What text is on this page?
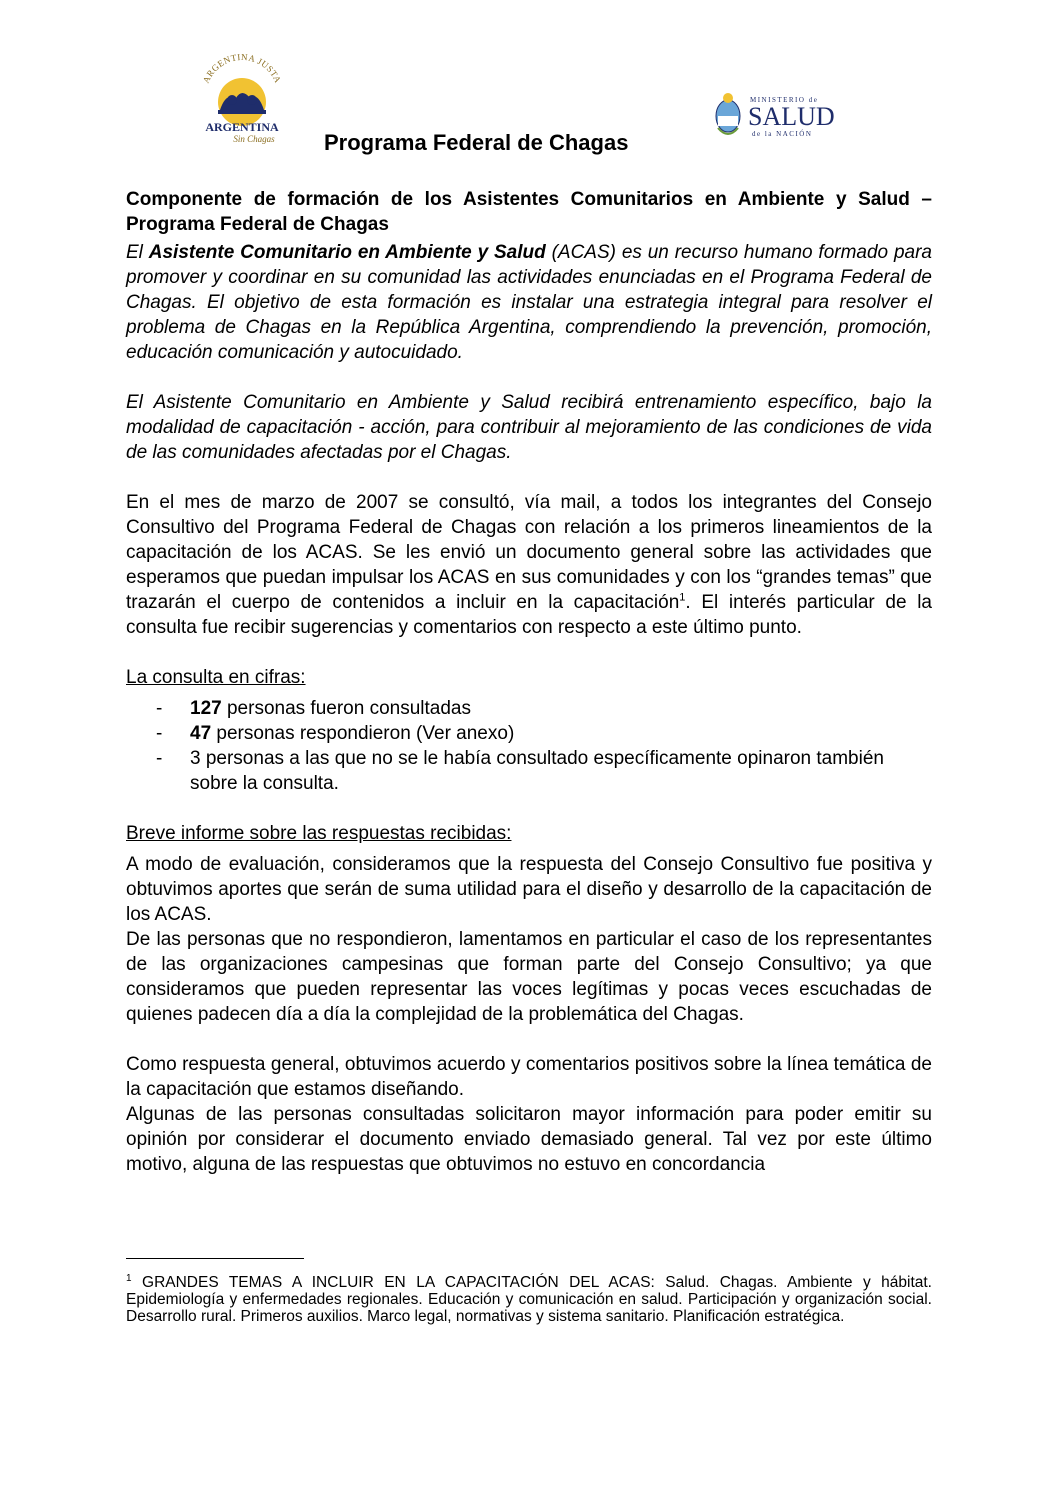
ARGENTINA JUSTA
ARGENTINA
Sin Chagas
MINISTERIO de
SALUD
de la NACIÓN
Programa Federal de Chagas

Componente de formación de los Asistentes Comunitarios en Ambiente y Salud – Programa Federal de Chagas

El Asistente Comunitario en Ambiente y Salud (ACAS) es un recurso humano formado para promover y coordinar en su comunidad las actividades enunciadas en el Programa Federal de Chagas. El objetivo de esta formación es instalar una estrategia integral para resolver el problema de Chagas en la República Argentina, comprendiendo la prevención, promoción, educación comunicación y autocuidado.

El Asistente Comunitario en Ambiente y Salud recibirá entrenamiento específico, bajo la modalidad de capacitación - acción, para contribuir al mejoramiento de las condiciones de vida de las comunidades afectadas por el Chagas.

En el mes de marzo de 2007 se consultó, vía mail, a todos los integrantes del Consejo Consultivo del Programa Federal de Chagas con relación a los primeros lineamientos de la capacitación de los ACAS. Se les envió un documento general sobre las actividades que esperamos que puedan impulsar los ACAS en sus comunidades y con los “grandes temas” que trazarán el cuerpo de contenidos a incluir en la capacitación$^1$. El interés particular de la consulta fue recibir sugerencias y comentarios con respecto a este último punto.

La consulta en cifras:

- 127 personas fueron consultadas
- 47 personas respondieron (Ver anexo)
- 3 personas a las que no se le había consultado específicamente opinaron también sobre la consulta.

Breve informe sobre las respuestas recibidas:

A modo de evaluación, consideramos que la respuesta del Consejo Consultivo fue positiva y obtuvimos aportes que serán de suma utilidad para el diseño y desarrollo de la capacitación de los ACAS.

De las personas que no respondieron, lamentamos en particular el caso de los representantes de las organizaciones campesinas que forman parte del Consejo Consultivo; ya que consideramos que pueden representar las voces legítimas y pocas veces escuchadas de quienes padecen día a día la complejidad de la problemática del Chagas.

Como respuesta general, obtuvimos acuerdo y comentarios positivos sobre la línea temática de la capacitación que estamos diseñando.

Algunas de las personas consultadas solicitaron mayor información para poder emitir su opinión por considerar el documento enviado demasiado general. Tal vez por este último motivo, alguna de las respuestas que obtuvimos no estuvo en concordancia

$^1$ GRANDES TEMAS A INCLUIR EN LA CAPACITACIÓN DEL ACAS: Salud. Chagas. Ambiente y hábitat. Epidemiología y enfermedades regionales. Educación y comunicación en salud. Participación y organización social. Desarrollo rural. Primeros auxilios. Marco legal, normativas y sistema sanitario. Planificación estratégica.
